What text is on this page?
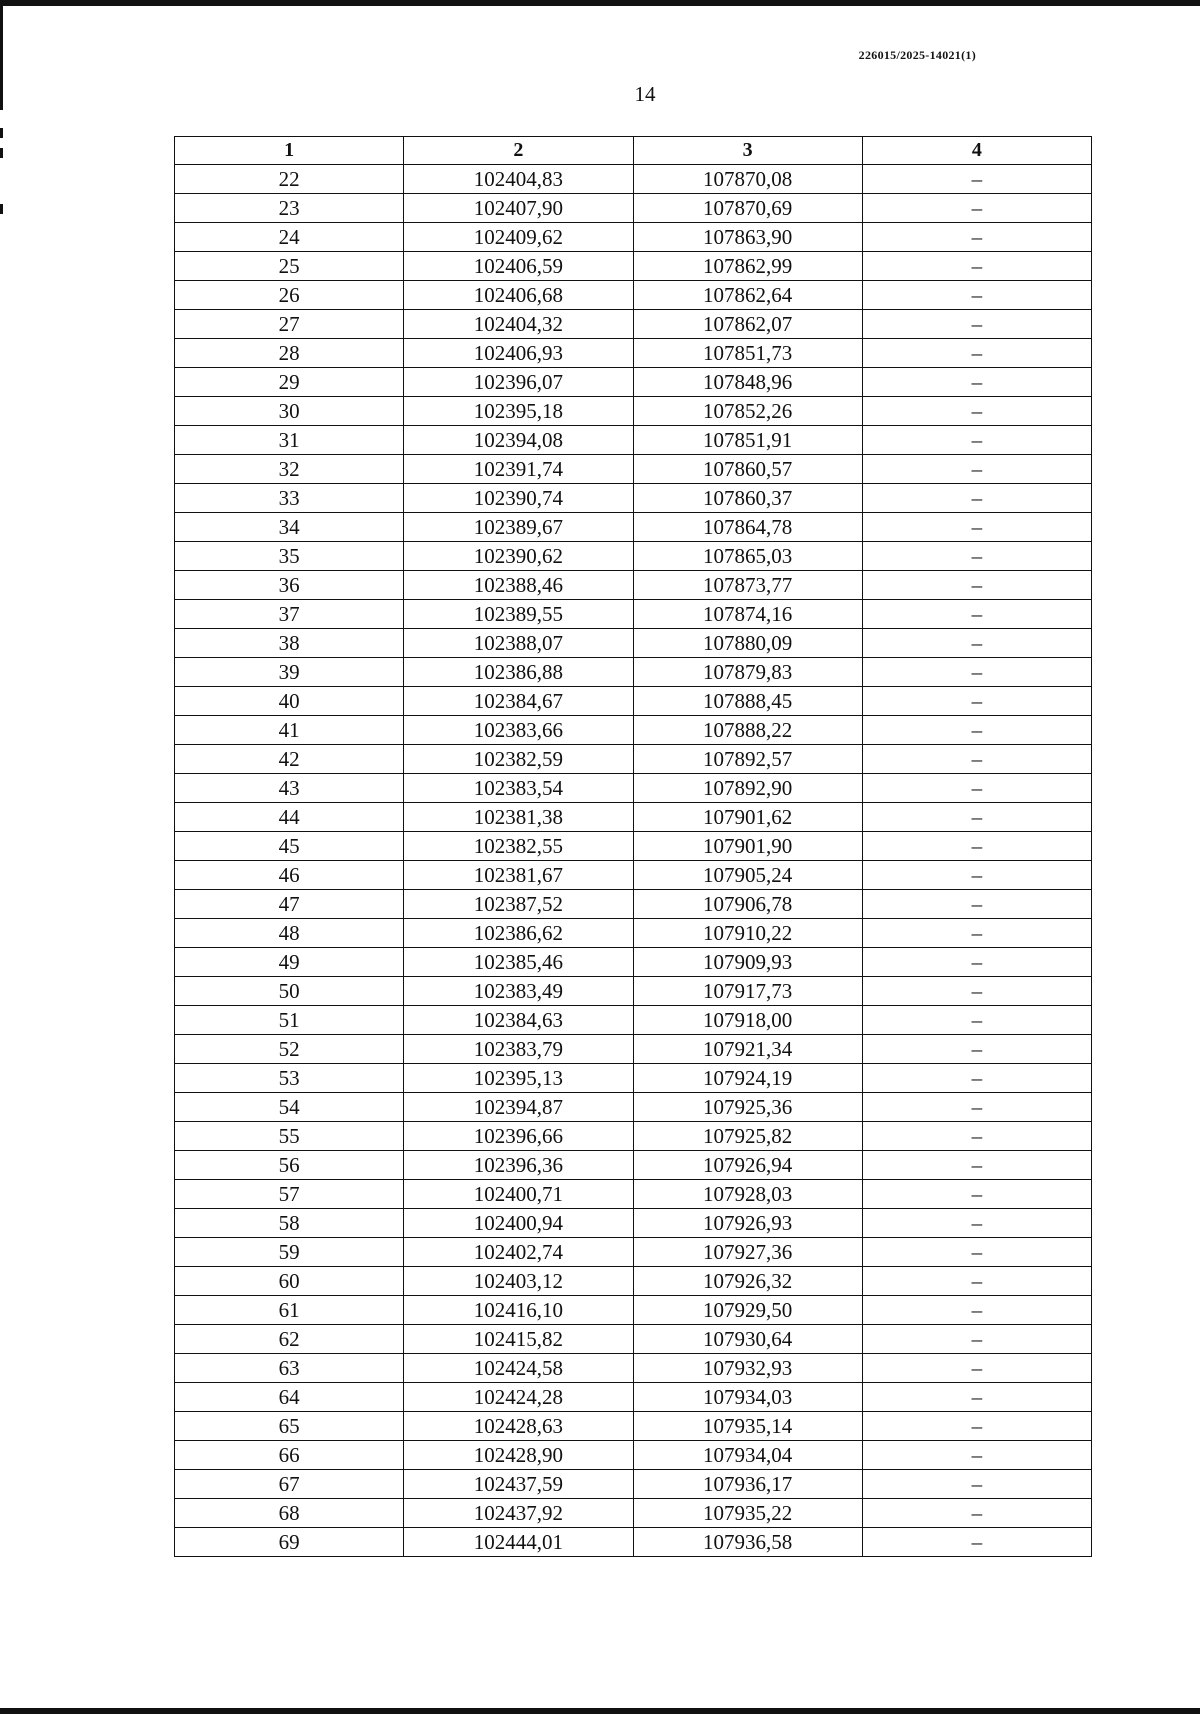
226015/2025-14021(1)
14
1	2	3	4
22	102404,83	107870,08	–
23	102407,90	107870,69	–
24	102409,62	107863,90	–
25	102406,59	107862,99	–
26	102406,68	107862,64	–
27	102404,32	107862,07	–
28	102406,93	107851,73	–
29	102396,07	107848,96	–
30	102395,18	107852,26	–
31	102394,08	107851,91	–
32	102391,74	107860,57	–
33	102390,74	107860,37	–
34	102389,67	107864,78	–
35	102390,62	107865,03	–
36	102388,46	107873,77	–
37	102389,55	107874,16	–
38	102388,07	107880,09	–
39	102386,88	107879,83	–
40	102384,67	107888,45	–
41	102383,66	107888,22	–
42	102382,59	107892,57	–
43	102383,54	107892,90	–
44	102381,38	107901,62	–
45	102382,55	107901,90	–
46	102381,67	107905,24	–
47	102387,52	107906,78	–
48	102386,62	107910,22	–
49	102385,46	107909,93	–
50	102383,49	107917,73	–
51	102384,63	107918,00	–
52	102383,79	107921,34	–
53	102395,13	107924,19	–
54	102394,87	107925,36	–
55	102396,66	107925,82	–
56	102396,36	107926,94	–
57	102400,71	107928,03	–
58	102400,94	107926,93	–
59	102402,74	107927,36	–
60	102403,12	107926,32	–
61	102416,10	107929,50	–
62	102415,82	107930,64	–
63	102424,58	107932,93	–
64	102424,28	107934,03	–
65	102428,63	107935,14	–
66	102428,90	107934,04	–
67	102437,59	107936,17	–
68	102437,92	107935,22	–
69	102444,01	107936,58	–
